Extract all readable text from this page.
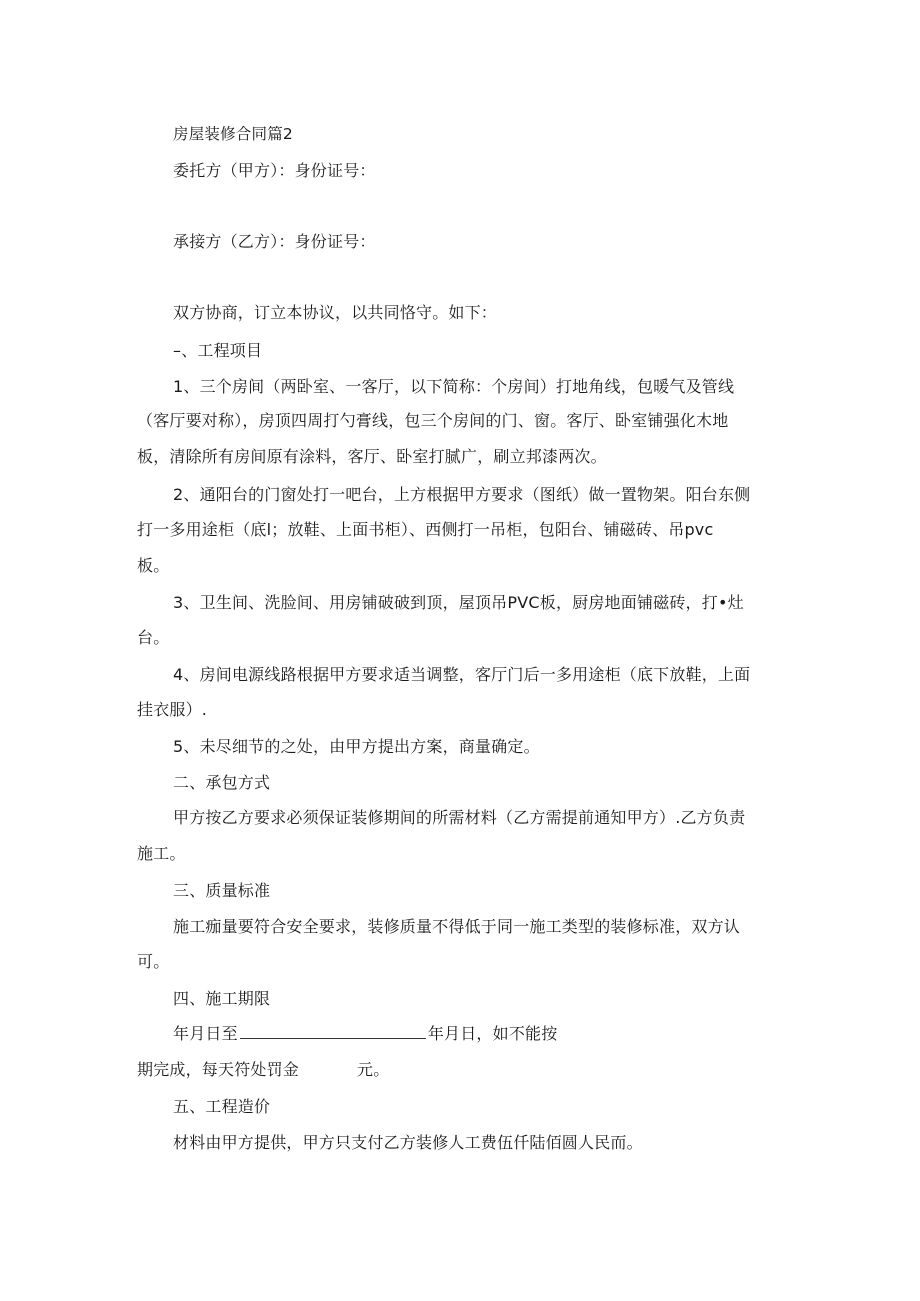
房屋装修合同篇2
委托方（甲方）：身份证号：
承接方（乙方）：身份证号：
双方协商，订立本协议，以共同恪守。如下：
–、工程项目
1、三个房间（两卧室、一客厅，以下简称：个房间）打地角线，包暖气及管线
（客厅要对称），房顶四周打勺膏线，包三个房间的门、窗。客厅、卧室铺强化木地
板，清除所有房间原有涂料，客厅、卧室打腻广，刷立邦漆两次。
2、通阳台的门窗处打一吧台，上方根据甲方要求（图纸）做一置物架。阳台东侧
打一多用途柜（底l；放鞋、上面书柜）、西侧打一吊柜，包阳台、铺磁砖、吊pvc
板。
3、卫生间、洗脸间、用房铺破破到顶，屋顶吊PVC板，厨房地面铺磁砖，打•灶
台。
4、房间电源线路根据甲方要求适当调整，客厅门后一多用途柜（底下放鞋，上面
挂衣服）.
5、未尽细节的之处，由甲方提出方案，商量确定。
二、承包方式
甲方按乙方要求必须保证装修期间的所需材料（乙方需提前通知甲方）.乙方负责
施工。
三、质量标准
施工痂量要符合安全要求，装修质量不得低于同一施工类型的装修标准，双方认
可。
四、施工期限
年月日至	年月日，如不能按
期完成，每天符处罚金	元。
五、工程造价
材料由甲方提供，甲方只支付乙方装修人工费伍仟陆佰圆人民而。
